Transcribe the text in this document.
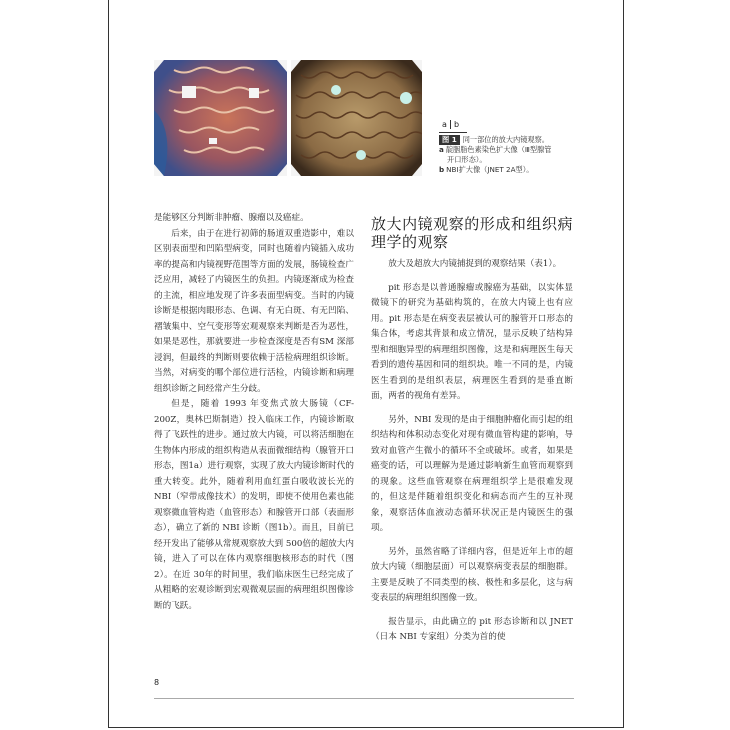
a b
图 1 同一部位的放大内镜观察。
a 靛胭脂色素染色扩大像（Ⅲ型腺管
开口形态）。
b NBI扩大像（JNET 2A型）。

是能够区分判断非肿瘤、腺瘤以及癌症。

后来，由于在进行初筛的肠道双重造影中，难以区别表面型和凹陷型病变，同时也随着内镜插入成功率的提高和内镜视野范围等方面的发展，肠镜检查广泛应用，减轻了内镜医生的负担。内镜逐渐成为检查的主流，相应地发现了许多表面型病变。当时的内镜诊断是根据肉眼形态、色调、有无白斑、有无凹陷、褶皱集中、空气变形等宏观观察来判断是否为恶性，如果是恶性，那就要进一步检查深度是否有SM 深部浸润，但最终的判断则要依赖于活检病理组织诊断。当然，对病变的哪个部位进行活检，内镜诊断和病理组织诊断之间经常产生分歧。

但是，随着 1993 年变焦式放大肠镜（CF-200Z，奥林巴斯制造）投入临床工作，内镜诊断取得了飞跃性的进步。通过放大内镜，可以将活细胞在生物体内形成的组织构造从表面微细结构（腺管开口形态，图1a）进行观察，实现了放大内镜诊断时代的重大转变。此外，随着利用血红蛋白吸收波长光的 NBI（窄带成像技术）的发明，即使不使用色素也能观察微血管构造（血管形态）和腺管开口部（表面形态），确立了新的 NBI 诊断（图1b）。而且，目前已经开发出了能够从常规观察放大到 500倍的超放大内镜，进入了可以在体内观察细胞核形态的时代（图2）。在近 30年的时间里，我们临床医生已经完成了从粗略的宏观诊断到宏观微观层面的病理组织图像诊断的飞跃。

放大内镜观察的形成和组织病理学的观察

放大及超放大内镜捕捉到的观察结果（表1）。

pit 形态是以普通腺瘤或腺癌为基础，以实体显微镜下的研究为基础构筑的，在放大内镜上也有应用。pit 形态是在病变表层被认可的腺管开口形态的集合体，考虑其背景和成立情况，显示反映了结构异型和细胞异型的病理组织图像，这是和病理医生每天看到的遗传基因和同的组织块。唯一不同的是，内镜医生看到的是组织表层，病理医生看到的是垂直断面，两者的视角有差异。

另外，NBI 发现的是由于细胞肿瘤化而引起的组织结构和体积动态变化对现有微血管构建的影响，导致对血管产生微小的循环不全或破坏。或者，如果是癌变的话，可以理解为是通过影响新生血管而观察到的现象。这些血管观察在病理组织学上是很难发现的，但这是伴随着组织变化和病态而产生的互补现象，观察活体血液动态循环状况正是内镜医生的强项。

另外，虽然省略了详细内容，但是近年上市的超放大内镜（细胞层面）可以观察病变表层的细胞群。主要是反映了不同类型的核、极性和多层化，这与病变表层的病理组织图像一致。

报告显示，由此确立的 pit 形态诊断和以 JNET（日本 NBI 专家组）分类为首的使

8
